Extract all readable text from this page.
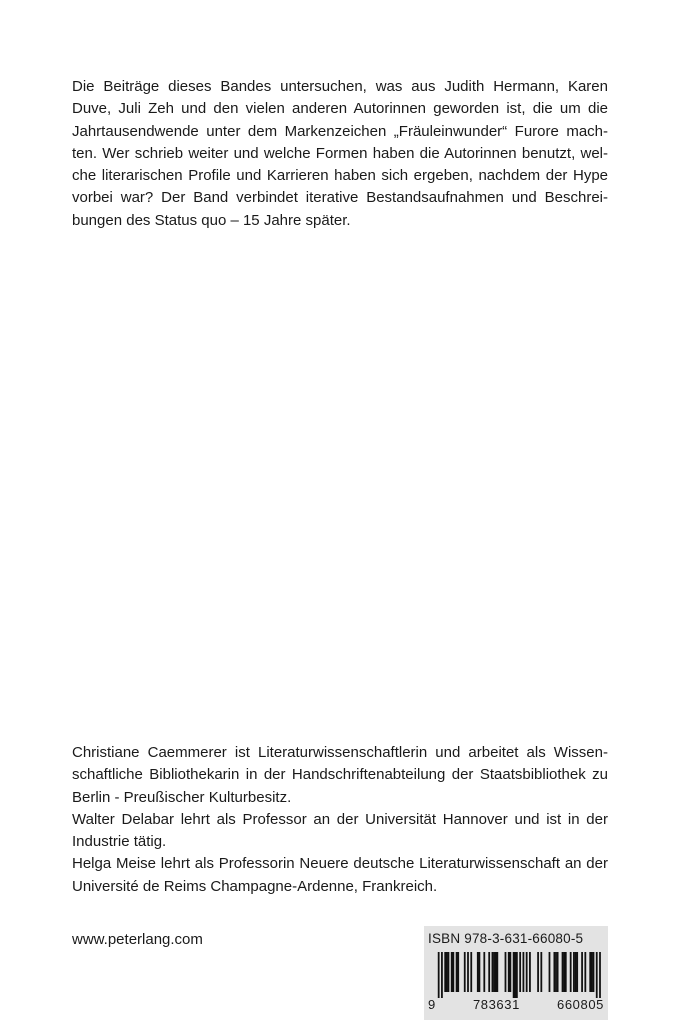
Die Beiträge dieses Bandes untersuchen, was aus Judith Hermann, Karen Duve, Juli Zeh und den vielen anderen Autorinnen geworden ist, die um die Jahrtausendwende unter dem Markenzeichen „Fräuleinwunder“ Furore machten. Wer schrieb weiter und welche Formen haben die Autorinnen benutzt, welche literarischen Profile und Karrieren haben sich ergeben, nachdem der Hype vorbei war? Der Band verbindet iterative Bestandsaufnahmen und Beschreibungen des Status quo – 15 Jahre später.

Christiane Caemmerer ist Literaturwissenschaftlerin und arbeitet als Wissenschaftliche Bibliothekarin in der Handschriftenabteilung der Staatsbibliothek zu Berlin - Preußischer Kulturbesitz.

Walter Delabar lehrt als Professor an der Universität Hannover und ist in der Industrie tätig.

Helga Meise lehrt als Professorin Neuere deutsche Literaturwissenschaft an der Université de Reims Champagne-Ardenne, Frankreich.

www.peterlang.com	ISBN 978-3-631-66080-5
9	783631	660805
